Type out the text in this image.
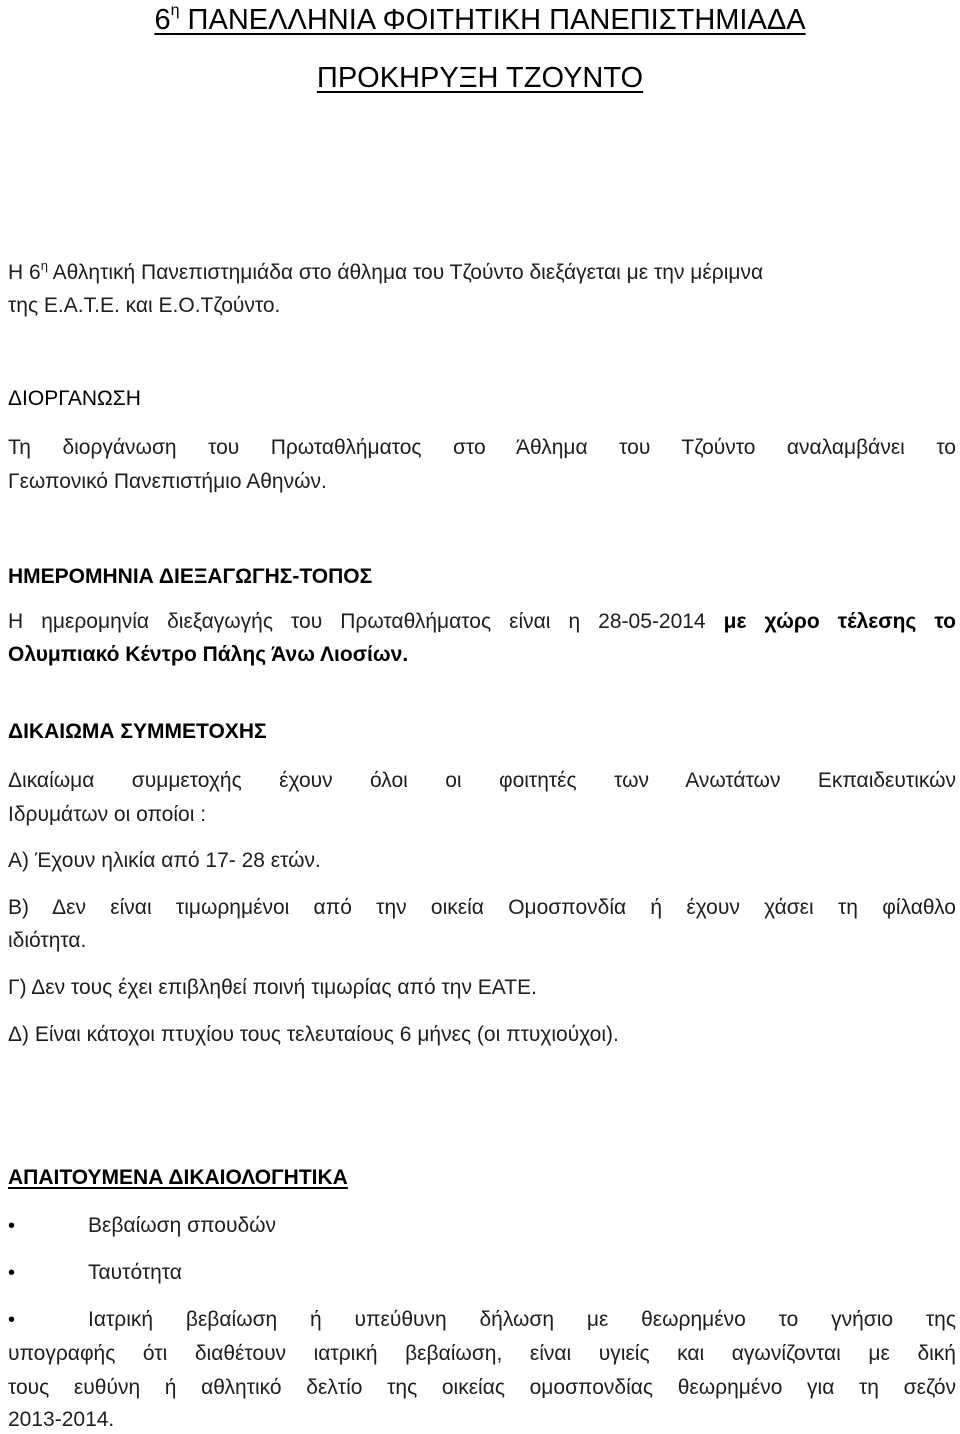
$6^\eta$ ΠΑΝΕΛΛΗΝΙΑ ΦΟΙΤΗΤΙΚΗ ΠΑΝΕΠΙΣΤΗΜΙΑΔΑ
ΠΡΟΚΗΡΥΞΗ ΤΖΟΥΝΤΟ
Η $6^\eta$ Αθλητική Πανεπιστημιάδα στο άθλημα του Τζούντο διεξάγεται με την μέριμνα
της Ε.Α.Τ.Ε. και Ε.Ο.Τζούντο.
ΔΙΟΡΓΑΝΩΣΗ
Τη διοργάνωση του Πρωταθλήματος στο Άθλημα του Τζούντο αναλαμβάνει το
Γεωπονικό Πανεπιστήμιο Αθηνών.
ΗΜΕΡΟΜΗΝΙΑ ΔΙΕΞΑΓΩΓΗΣ-ΤΟΠΟΣ
Η ημερομηνία διεξαγωγής του Πρωταθλήματος είναι η 28-05-2014 με χώρο τέλεσης το
Ολυμπιακό Κέντρο Πάλης Άνω Λιοσίων.
ΔΙΚΑΙΩΜΑ ΣΥΜΜΕΤΟΧΗΣ
Δικαίωμα συμμετοχής έχουν όλοι οι φοιτητές των Ανωτάτων Εκπαιδευτικών
Ιδρυμάτων οι οποίοι :
Α) Έχουν ηλικία από 17- 28 ετών.
Β) Δεν είναι τιμωρημένοι από την οικεία Ομοσπονδία ή έχουν χάσει τη φίλαθλο
ιδιότητα.
Γ) Δεν τους έχει επιβληθεί ποινή τιμωρίας από την ΕΑΤΕ.
Δ) Είναι κάτοχοι πτυχίου τους τελευταίους 6 μήνες (οι πτυχιούχοι).
ΑΠΑΙΤΟΥΜΕΝΑ ΔΙΚΑΙΟΛΟΓΗΤΙΚΑ
•	Βεβαίωση σπουδών
•	Ταυτότητα
•	Ιατρική βεβαίωση ή υπεύθυνη δήλωση με θεωρημένο το γνήσιο της
υπογραφής ότι διαθέτουν ιατρική βεβαίωση, είναι υγιείς και αγωνίζονται με δική
τους ευθύνη ή αθλητικό δελτίο της οικείας ομοσπονδίας θεωρημένο για τη σεζόν
2013-2014.
